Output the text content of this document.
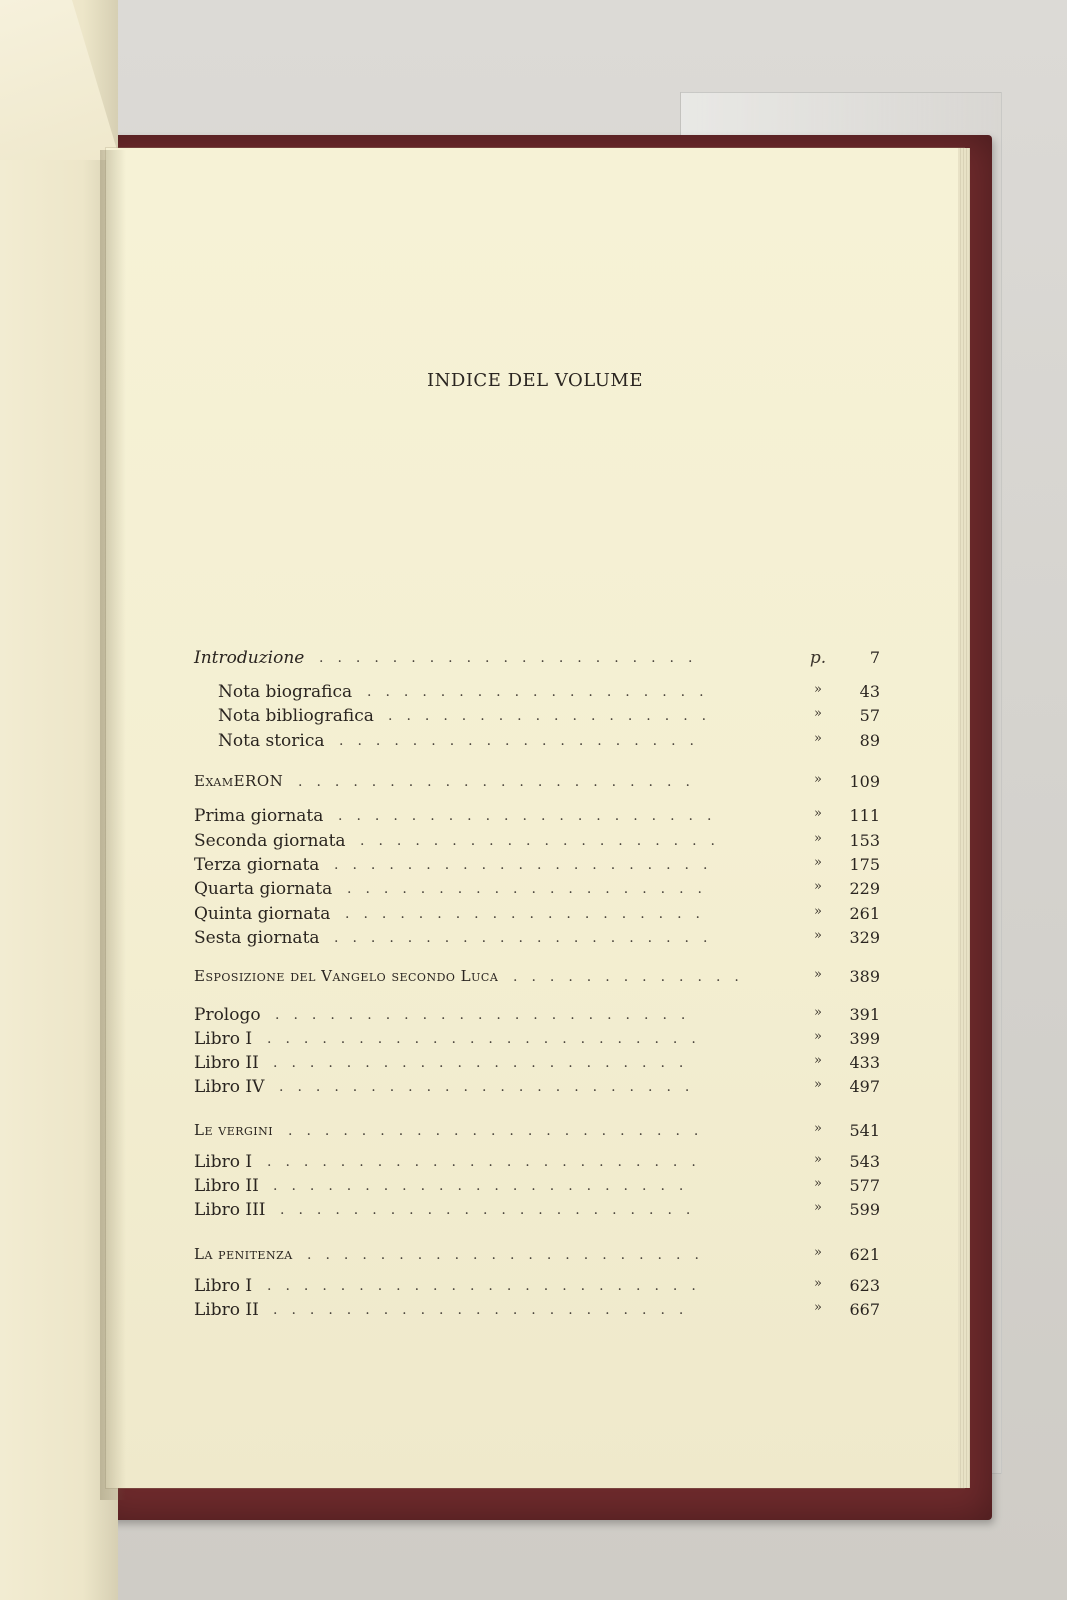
INDICE DEL VOLUME
Introduzione .....................	p.	7
Nota biografica ...................	»	43
Nota bibliografica ..................	»	57
Nota storica ....................	»	89
ExamERON ......................	»	109
Prima giornata .....................	»	111
Seconda giornata ....................	»	153
Terza giornata .....................	»	175
Quarta giornata ....................	»	229
Quinta giornata ....................	»	261
Sesta giornata .....................	»	329
Esposizione del Vangelo secondo Luca .............	»	389
Prologo .......................	»	391
Libro I ........................	»	399
Libro II .......................	»	433
Libro IV .......................	»	497
Le vergini .......................	»	541
Libro I ........................	»	543
Libro II .......................	»	577
Libro III .......................	»	599
La penitenza ......................	»	621
Libro I ........................	»	623
Libro II .......................	»	667
